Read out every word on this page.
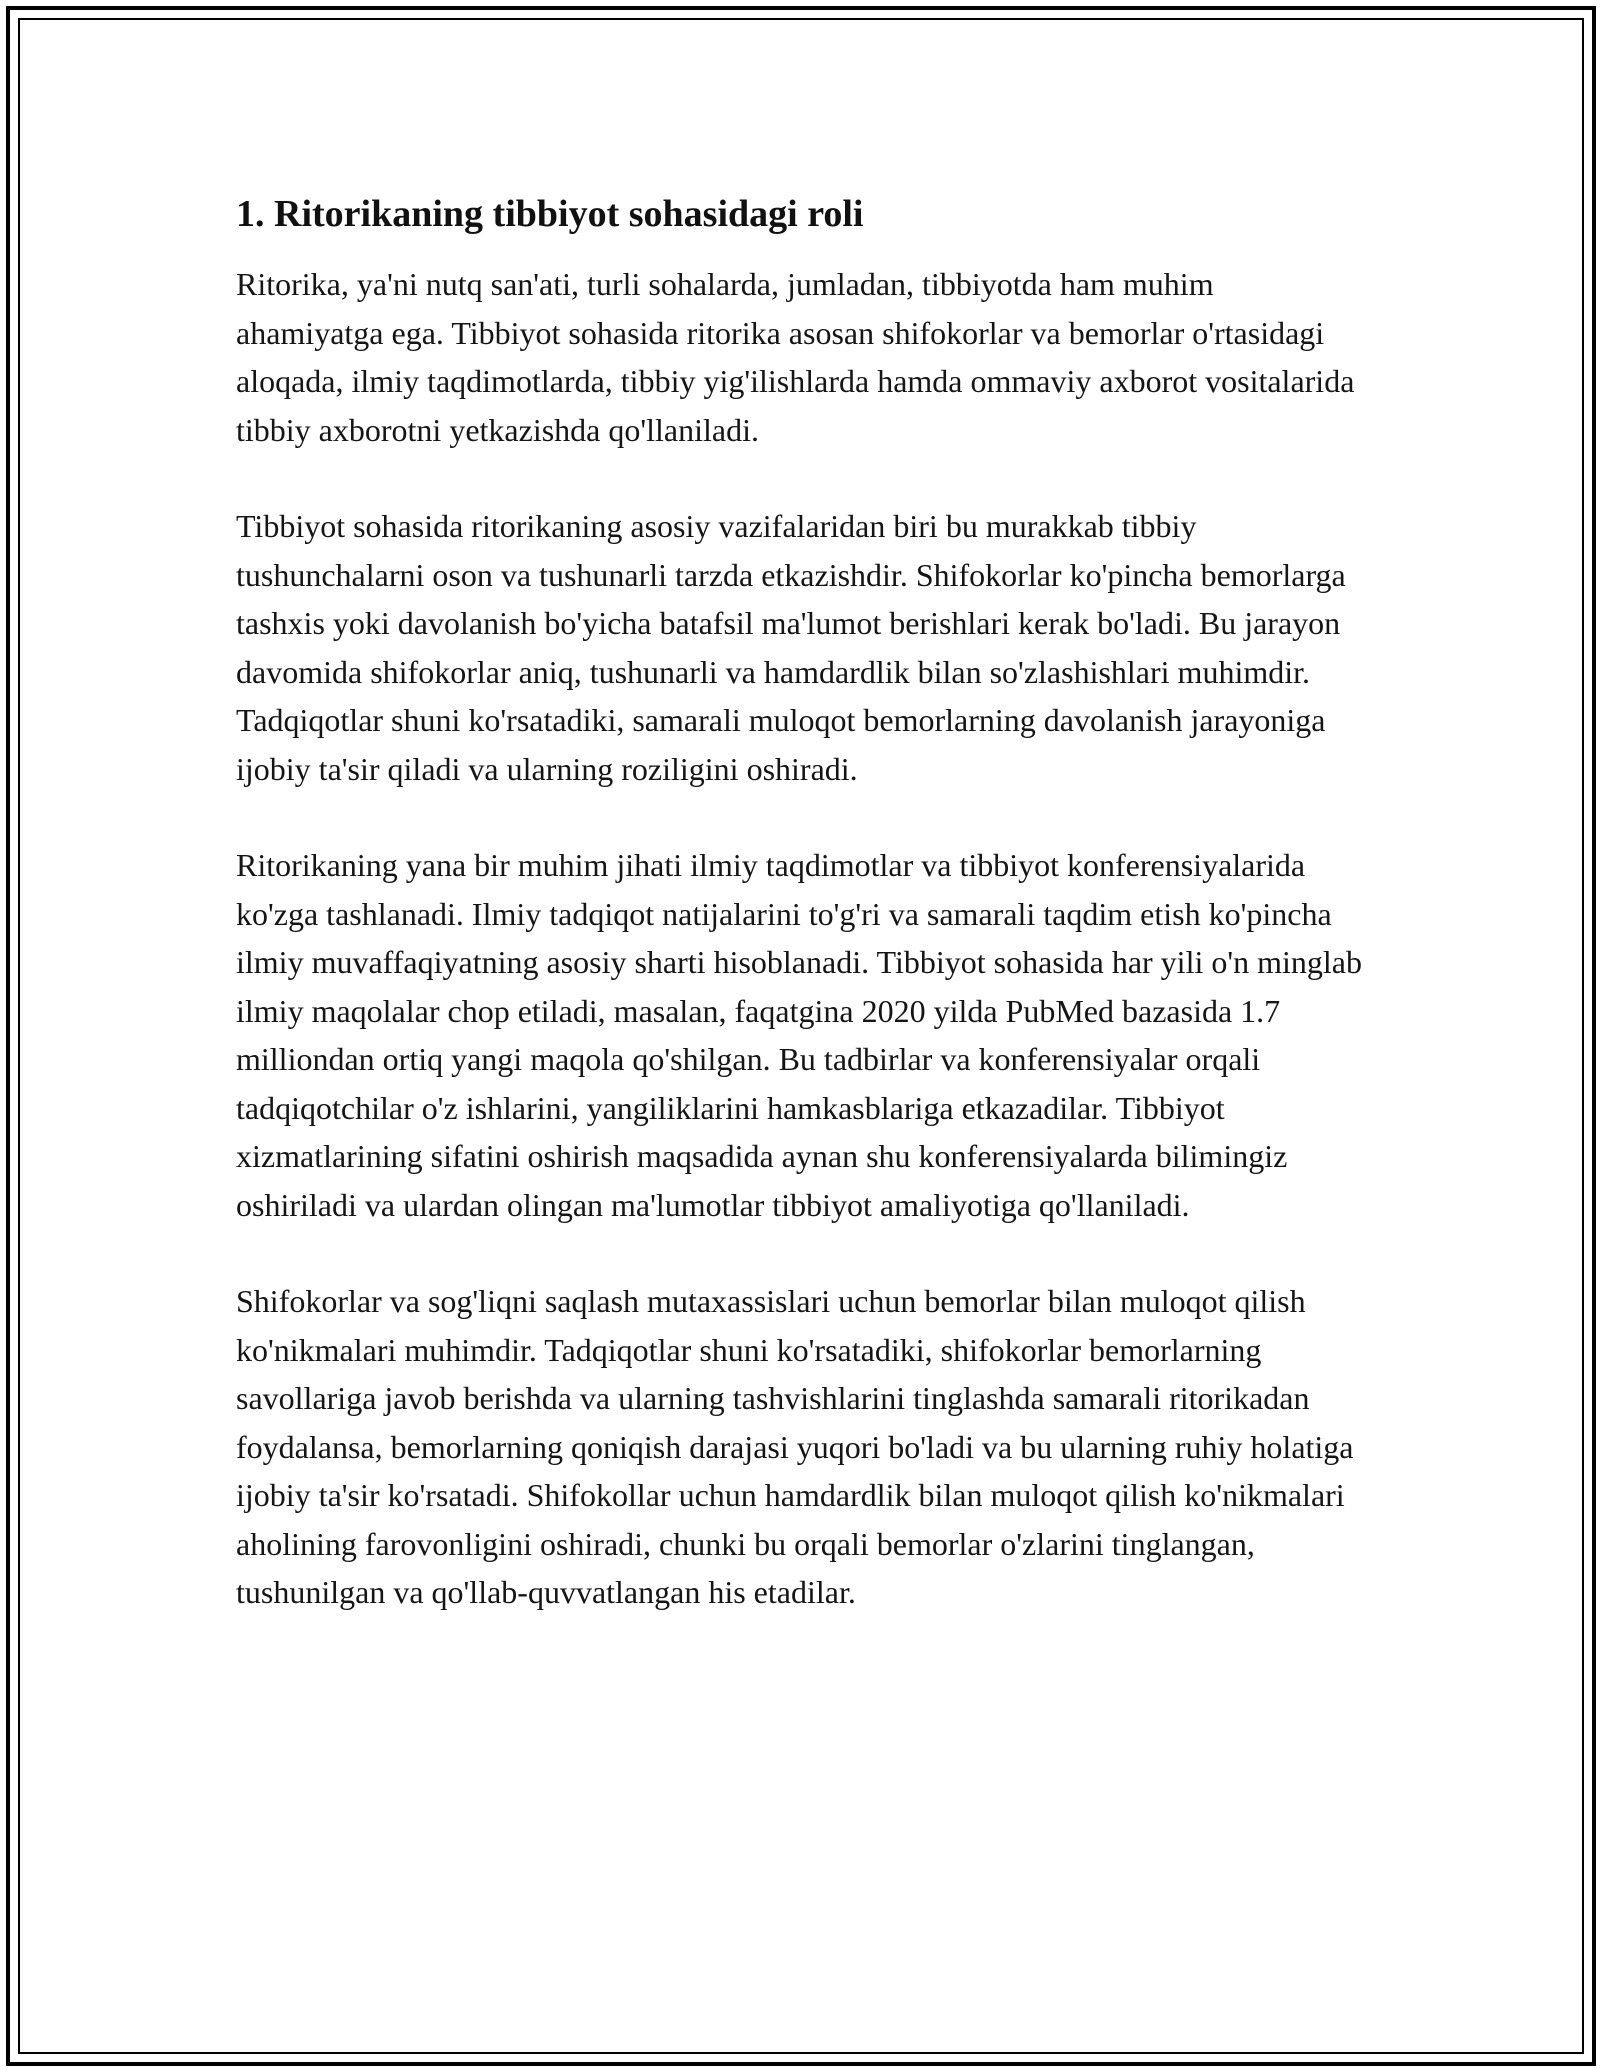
1. Ritorikaning tibbiyot sohasidagi roli

Ritorika, ya'ni nutq san'ati, turli sohalarda, jumladan, tibbiyotda ham muhim ahamiyatga ega. Tibbiyot sohasida ritorika asosan shifokorlar va bemorlar o'rtasidagi aloqada, ilmiy taqdimotlarda, tibbiy yig'ilishlarda hamda ommaviy axborot vositalarida tibbiy axborotni yetkazishda qo'llaniladi.

Tibbiyot sohasida ritorikaning asosiy vazifalaridan biri bu murakkab tibbiy tushunchalarni oson va tushunarli tarzda etkazishdir. Shifokorlar ko'pincha bemorlarga tashxis yoki davolanish bo'yicha batafsil ma'lumot berishlari kerak bo'ladi. Bu jarayon davomida shifokorlar aniq, tushunarli va hamdardlik bilan so'zlashishlari muhimdir. Tadqiqotlar shuni ko'rsatadiki, samarali muloqot bemorlarning davolanish jarayoniga ijobiy ta'sir qiladi va ularning roziligini oshiradi.

Ritorikaning yana bir muhim jihati ilmiy taqdimotlar va tibbiyot konferensiyalarida ko'zga tashlanadi. Ilmiy tadqiqot natijalarini to'g'ri va samarali taqdim etish ko'pincha ilmiy muvaffaqiyatning asosiy sharti hisoblanadi. Tibbiyot sohasida har yili o'n minglab ilmiy maqolalar chop etiladi, masalan, faqatgina 2020 yilda PubMed bazasida 1.7 milliondan ortiq yangi maqola qo'shilgan. Bu tadbirlar va konferensiyalar orqali tadqiqotchilar o'z ishlarini, yangiliklarini hamkasblariga etkazadilar. Tibbiyot xizmatlarining sifatini oshirish maqsadida aynan shu konferensiyalarda bilimingiz oshiriladi va ulardan olingan ma'lumotlar tibbiyot amaliyotiga qo'llaniladi.

Shifokorlar va sog'liqni saqlash mutaxassislari uchun bemorlar bilan muloqot qilish ko'nikmalari muhimdir. Tadqiqotlar shuni ko'rsatadiki, shifokorlar bemorlarning savollariga javob berishda va ularning tashvishlarini tinglashda samarali ritorikadan foydalansa, bemorlarning qoniqish darajasi yuqori bo'ladi va bu ularning ruhiy holatiga ijobiy ta'sir ko'rsatadi. Shifokollar uchun hamdardlik bilan muloqot qilish ko'nikmalari aholining farovonligini oshiradi, chunki bu orqali bemorlar o'zlarini tinglangan, tushunilgan va qo'llab-quvvatlangan his etadilar.
